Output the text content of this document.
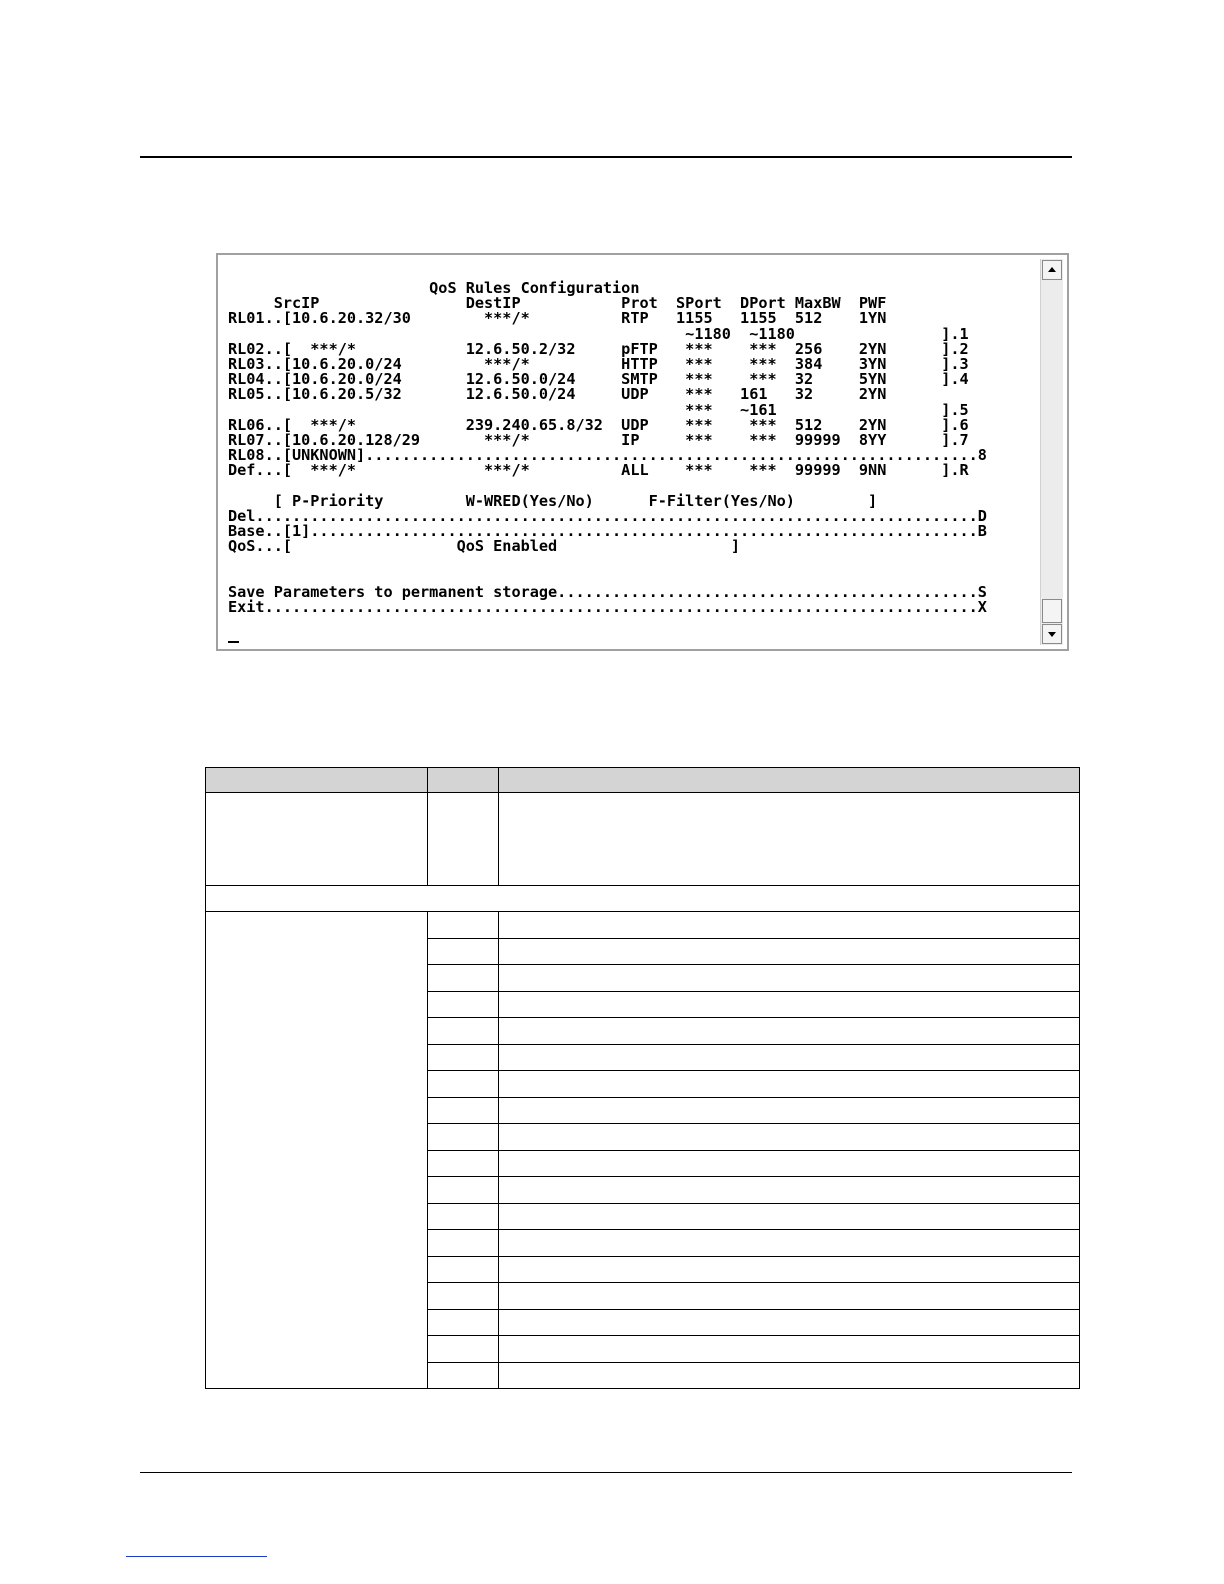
QoS Rules Configuration
SrcIP                DestIP           Prot  SPort  DPort MaxBW  PWF
RL01..[10.6.20.32/30        ***/*          RTP   1155   1155  512    1YN
~1180  ~1180                ].1
RL02..[  ***/*            12.6.50.2/32     pFTP   ***    ***  256    2YN      ].2
RL03..[10.6.20.0/24         ***/*          HTTP   ***    ***  384    3YN      ].3
RL04..[10.6.20.0/24       12.6.50.0/24     SMTP   ***    ***  32     5YN      ].4
RL05..[10.6.20.5/32       12.6.50.0/24     UDP    ***   161   32     2YN
***   ~161                  ].5
RL06..[  ***/*            239.240.65.8/32  UDP    ***    ***  512    2YN      ].6
RL07..[10.6.20.128/29       ***/*          IP     ***    ***  99999  8YY      ].7
RL08..[UNKNOWN]...................................................................8
Def...[  ***/*              ***/*          ALL    ***    ***  99999  9NN      ].R

[ P-Priority         W-WRED(Yes/No)      F-Filter(Yes/No)        ]
Del...............................................................................D
Base..[1].........................................................................B
QoS...[                  QoS Enabled                   ]

Save Parameters to permanent storage..............................................S
Exit..............................................................................X
